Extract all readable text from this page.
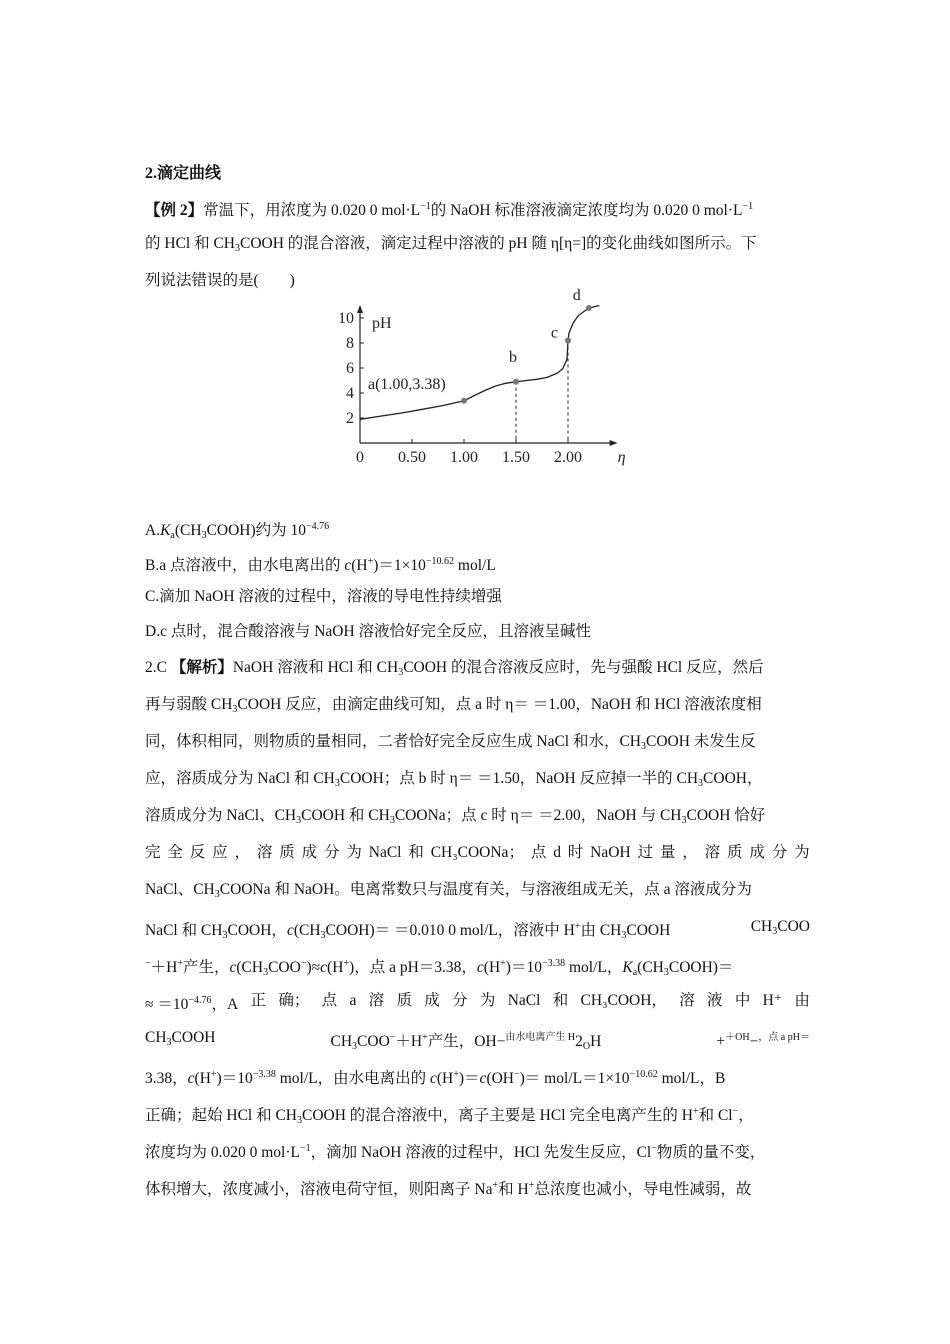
2.滴定曲线
【例 2】常温下，用浓度为 0.020 0 $mol\cdot L^{-1}$的 NaOH 标准溶液滴定浓度均为 0.020 0 $mol\cdot L^{-1}$
的 HCl 和 $CH_3COOH$ 的混合溶液，滴定过程中溶液的 pH 随 η[η=]的变化曲线如图所示。下
列说法错误的是(　　)
$A.K_a(CH_3COOH)$约为 $10^{-4.76}$
B.a 点溶液中，由水电离出的 $c(H^+)=1\times 10^{-10.62}$ mol/L
C.滴加 NaOH 溶液的过程中，溶液的导电性持续增强
D.c 点时，混合酸溶液与 NaOH 溶液恰好完全反应，且溶液呈碱性
2.C 【解析】NaOH 溶液和 HCl 和 $CH_3COOH$ 的混合溶液反应时，先与强酸 HCl 反应，然后
再与弱酸 $CH_3COOH$ 反应，由滴定曲线可知，点 a 时 η＝ ＝1.00，NaOH 和 HCl 溶液浓度相
同，体积相同，则物质的量相同，二者恰好完全反应生成 NaCl 和水，$CH_3COOH$ 未发生反
应，溶质成分为 NaCl 和 $CH_3COOH$；点 b 时 η＝ ＝1.50，NaOH 反应掉一半的 $CH_3COOH$，
溶质成分为 NaCl、$CH_3COOH$ 和 $CH_3COONa$；点 c 时 η＝ ＝2.00，NaOH 与 $CH_3COOH$ 恰好
完 全 反 应 ， 溶 质 成 分 为 NaCl 和 CH₃COONa； 点 d 时 NaOH 过 量 ， 溶 质 成 分 为
NaCl、$CH_3COONa$ 和 NaOH。电离常数只与温度有关，与溶液组成无关，点 a 溶液成分为
NaCl 和 $CH_3COOH$，$c(CH_3COOH)= =0.010$ 0 mol/L，溶液中 H+由 $CH_3COOH$	$CH_3COO$
−＋H+产生，$c(CH_3COO^-)\approx c(H^+)$，点 a pH＝3.38，$c(H^+)=10^{-3.38}$ mol/L，$K_a(CH_3COOH)=$
≈ $=10^{-4.76}$，A 正 确； 点 a 溶 质 成 分 为 NaCl 和 CH₃COOH， 溶 液 中 H⁺ 由
$CH_3COOH$	$CH_3COO^-+H^+$产生，$OH-^{由水电离产生 H}2_OH$	+$^{+OH}$−$^{,点 a pH=}$
3.38，$c(H^+)=10^{-3.38}$ mol/L，由水电离出的 c(H+)＝c(OH−)＝ mol/$L=1\times 10^{-10.62}$ mol/L，B
正确；起始 HCl 和 $CH_3COOH$ 的混合溶液中，离子主要是 HCl 完全电离产生的 H+和 Cl−，
浓度均为 0.020 0 $mol\cdot L^{-1}$，滴加 NaOH 溶液的过程中，HCl 先发生反应，Cl−物质的量不变，
体积增大，浓度减小，溶液电荷守恒，则阳离子 Na+和 H+总浓度也减小，导电性减弱，故
0 0.50 1.00 1.50 2.00
2
4
6
8
10 pH
η
a(1.00,3.38)
b
c
d
